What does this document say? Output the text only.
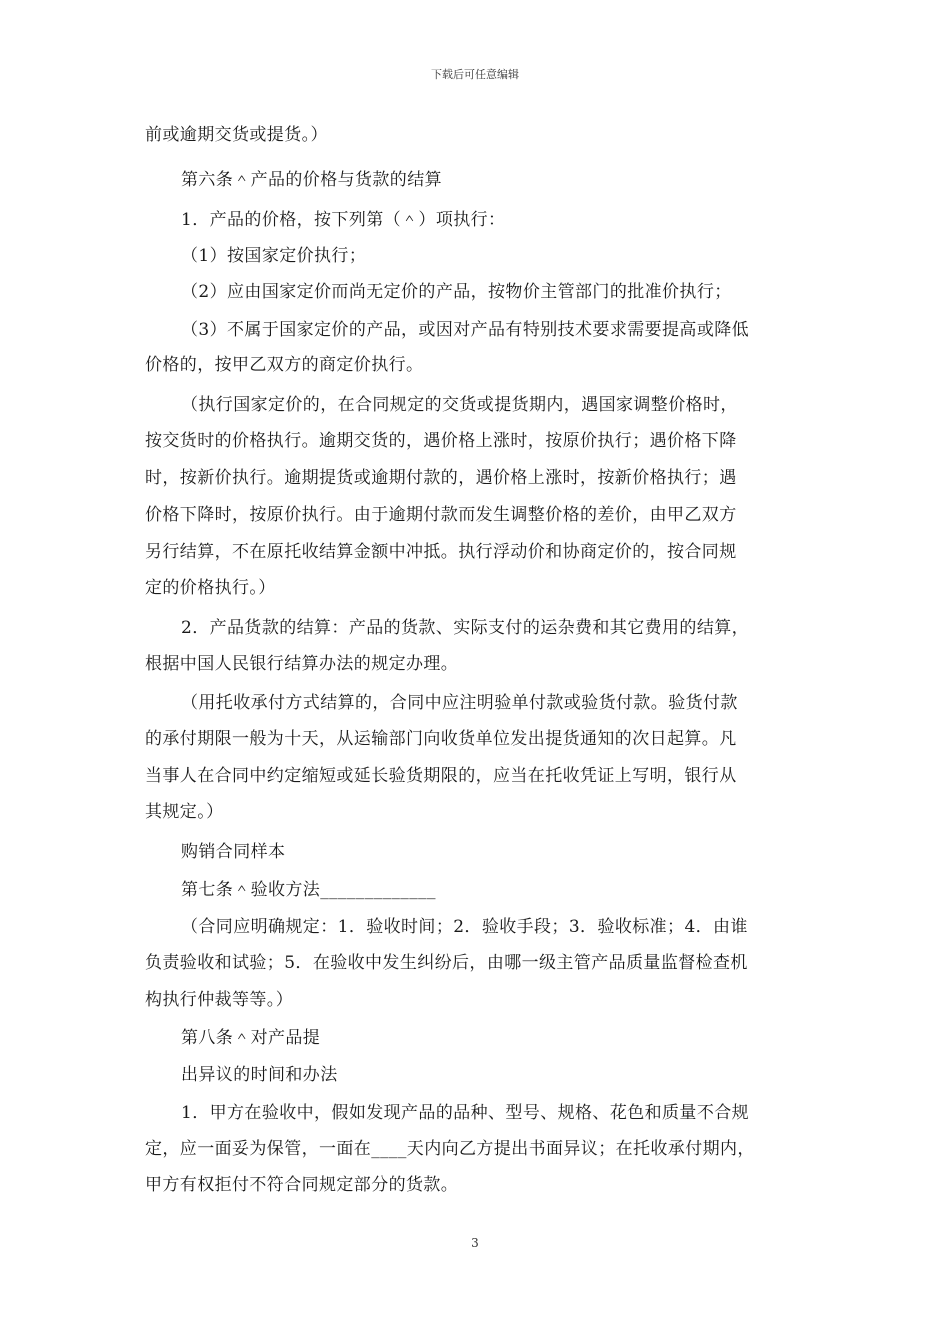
下载后可任意编辑
前或逾期交货或提货。）
第六条＾产品的价格与货款的结算
1．产品的价格，按下列第（＾）项执行：
（1）按国家定价执行；
（2）应由国家定价而尚无定价的产品，按物价主管部门的批准价执行；
（3）不属于国家定价的产品，或因对产品有特别技术要求需要提高或降低
价格的，按甲乙双方的商定价执行。
（执行国家定价的，在合同规定的交货或提货期内，遇国家调整价格时，
按交货时的价格执行。逾期交货的，遇价格上涨时，按原价执行；遇价格下降
时，按新价执行。逾期提货或逾期付款的，遇价格上涨时，按新价格执行；遇
价格下降时，按原价执行。由于逾期付款而发生调整价格的差价，由甲乙双方
另行结算，不在原托收结算金额中冲抵。执行浮动价和协商定价的，按合同规
定的价格执行。）
2．产品货款的结算：产品的货款、实际支付的运杂费和其它费用的结算，
根据中国人民银行结算办法的规定办理。
（用托收承付方式结算的，合同中应注明验单付款或验货付款。验货付款
的承付期限一般为十天，从运输部门向收货单位发出提货通知的次日起算。凡
当事人在合同中约定缩短或延长验货期限的，应当在托收凭证上写明，银行从
其规定。）
购销合同样本
第七条＾验收方法_____________
（合同应明确规定：1．验收时间；2．验收手段；3．验收标准；4．由谁
负责验收和试验；5．在验收中发生纠纷后，由哪一级主管产品质量监督检查机
构执行仲裁等等。）
第八条＾对产品提
出异议的时间和办法
1．甲方在验收中，假如发现产品的品种、型号、规格、花色和质量不合规
定，应一面妥为保管，一面在____天内向乙方提出书面异议；在托收承付期内，
甲方有权拒付不符合同规定部分的货款。
3
